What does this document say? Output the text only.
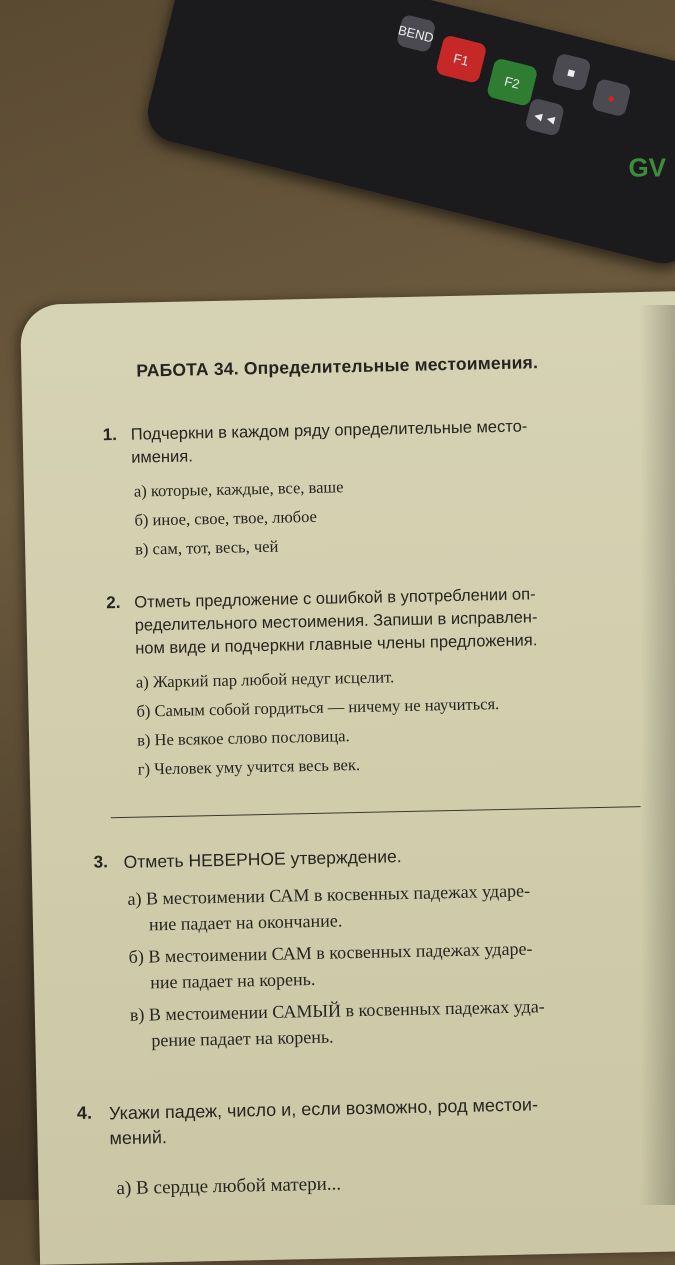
BEND
F1
F2
■
●
◄◄
GV
РАБОТА 34. Определительные местоимения.
1. Подчеркни в каждом ряду определительные место-
имения.
а) которые, каждые, все, ваше
б) иное, свое, твое, любое
в) сам, тот, весь, чей
2. Отметь предложение с ошибкой в употреблении оп-
ределительного местоимения. Запиши в исправлен-
ном виде и подчеркни главные члены предложения.
а) Жаркий пар любой недуг исцелит.
б) Самым собой гордиться — ничему не научиться.
в) Не всякое слово пословица.
г) Человек уму учится весь век.
3. Отметь НЕВЕРНОЕ утверждение.
а) В местоимении САМ в косвенных падежах ударе-
ние падает на окончание.
б) В местоимении САМ в косвенных падежах ударе-
ние падает на корень.
в) В местоимении САМЫЙ в косвенных падежах уда-
рение падает на корень.
4. Укажи падеж, число и, если возможно, род местои-
мений.
а) В сердце любой матери...
